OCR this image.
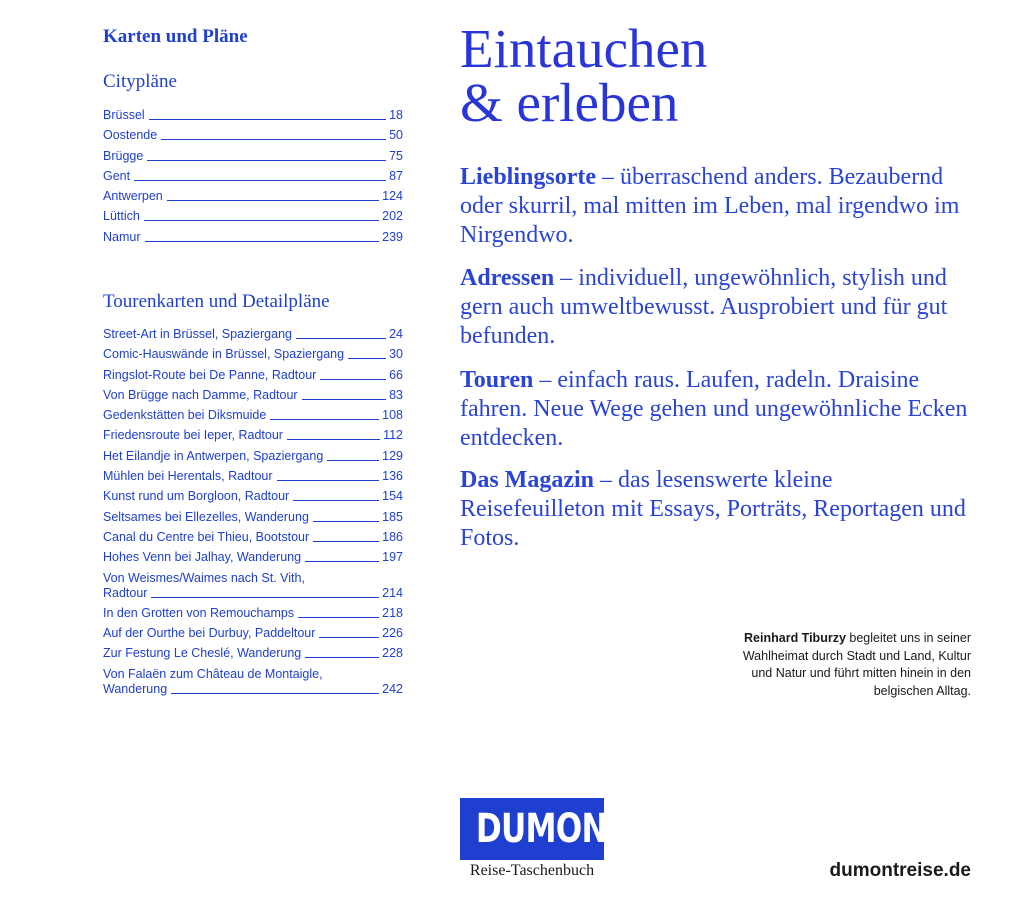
Karten und Pläne
Citypläne
Brüssel	18
Oostende	50
Brügge	75
Gent	87
Antwerpen	124
Lüttich	202
Namur	239
Tourenkarten und Detailpläne
Street-Art in Brüssel, Spaziergang	24
Comic-Hauswände in Brüssel, Spaziergang	30
Ringslot-Route bei De Panne, Radtour	66
Von Brügge nach Damme, Radtour	83
Gedenkstätten bei Diksmuide	108
Friedensroute bei Ieper, Radtour	112
Het Eilandje in Antwerpen, Spaziergang	129
Mühlen bei Herentals, Radtour	136
Kunst rund um Borgloon, Radtour	154
Seltsames bei Ellezelles, Wanderung	185
Canal du Centre bei Thieu, Bootstour	186
Hohes Venn bei Jalhay, Wanderung	197
Von Weismes/Waimes nach St. Vith,
Radtour	214
In den Grotten von Remouchamps	218
Auf der Ourthe bei Durbuy, Paddeltour	226
Zur Festung Le Cheslé, Wanderung	228
Von Falaën zum Château de Montaigle,
Wanderung	242
Eintauchen
& erleben
Lieblingsorte – überraschend anders. Bezaubernd oder skurril, mal mitten im Leben, mal irgendwo im Nirgendwo.
Adressen – individuell, ungewöhnlich, stylish und gern auch umweltbewusst. Ausprobiert und für gut befunden.
Touren – einfach raus. Laufen, radeln. Draisine fahren. Neue Wege gehen und ungewöhnliche Ecken entdecken.
Das Magazin – das lesenswerte kleine Reisefeuilleton mit Essays, Porträts, Reportagen und Fotos.
Reinhard Tiburzy begleitet uns in seiner Wahlheimat durch Stadt und Land, Kultur und Natur und führt mitten hinein in den belgischen Alltag.
DUMONT
Reise-Taschenbuch	dumontreise.de
